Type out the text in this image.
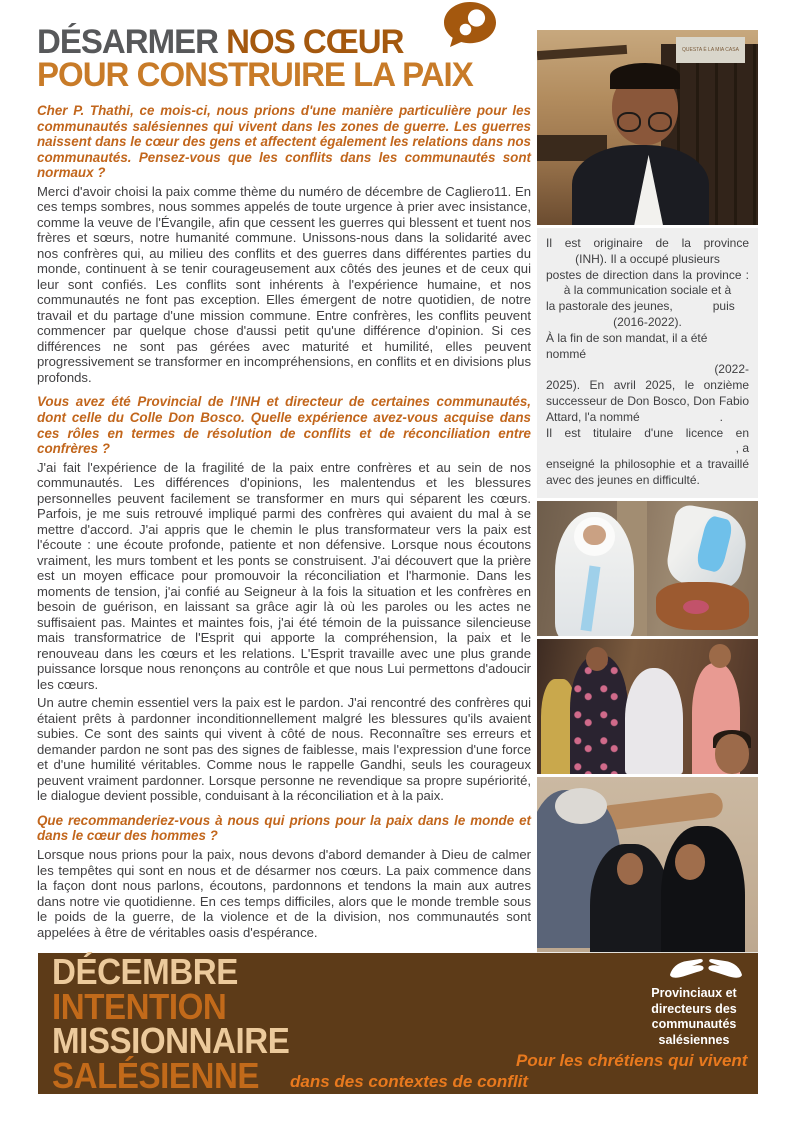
DÉSARMER NOS CŒUR
POUR CONSTRUIRE LA PAIX
Cher P. Thathi, ce mois-ci, nous prions d'une manière particulière pour les communautés salésiennes qui vivent dans les zones de guerre. Les guerres naissent dans le cœur des gens et affectent également les relations dans nos communautés. Pensez-vous que les conflits dans les communautés sont normaux ?
Merci d'avoir choisi la paix comme thème du numéro de décembre de Cagliero11. En ces temps sombres, nous sommes appelés de toute urgence à prier avec insistance, comme la veuve de l'Évangile, afin que cessent les guerres qui blessent et tuent nos frères et sœurs, notre humanité commune. Unissons-nous dans la solidarité avec nos confrères qui, au milieu des conflits et des guerres dans différentes parties du monde, continuent à se tenir courageusement aux côtés des jeunes et de ceux qui leur sont confiés. Les conflits sont inhérents à l'expérience humaine, et nos communautés ne font pas exception. Elles émergent de notre quotidien, de notre travail et du partage d'une mission commune. Entre confrères, les conflits peuvent commencer par quelque chose d'aussi petit qu'une différence d'opinion. Si ces différences ne sont pas gérées avec maturité et humilité, elles peuvent progressivement se transformer en incompréhensions, en conflits et en divisions plus profonds.
Vous avez été Provincial de l'INH et directeur de certaines communautés, dont celle du Colle Don Bosco. Quelle expérience avez-vous acquise dans ces rôles en termes de résolution de conflits et de réconciliation entre confrères ?
J'ai fait l'expérience de la fragilité de la paix entre confrères et au sein de nos communautés. Les différences d'opinions, les malentendus et les blessures personnelles peuvent facilement se transformer en murs qui séparent les cœurs. Parfois, je me suis retrouvé impliqué parmi des confrères qui avaient du mal à se mettre d'accord. J'ai appris que le chemin le plus transformateur vers la paix est l'écoute : une écoute profonde, patiente et non défensive. Lorsque nous écoutons vraiment, les murs tombent et les ponts se construisent. J'ai découvert que la prière est un moyen efficace pour promouvoir la réconciliation et l'harmonie. Dans les moments de tension, j'ai confié au Seigneur à la fois la situation et les confrères en besoin de guérison, en laissant sa grâce agir là où les paroles ou les actes ne suffisaient pas. Maintes et maintes fois, j'ai été témoin de la puissance silencieuse mais transformatrice de l'Esprit qui apporte la compréhension, la paix et le renouveau dans les cœurs et les relations. L'Esprit travaille avec une plus grande puissance lorsque nous renonçons au contrôle et que nous Lui permettons d'adoucir les cœurs.
Un autre chemin essentiel vers la paix est le pardon. J'ai rencontré des confrères qui étaient prêts à pardonner inconditionnellement malgré les blessures qu'ils avaient subies. Ce sont des saints qui vivent à côté de nous. Reconnaître ses erreurs et demander pardon ne sont pas des signes de faiblesse, mais l'expression d'une force et d'une humilité véritables. Comme nous le rappelle Gandhi, seuls les courageux peuvent vraiment pardonner. Lorsque personne ne revendique sa propre supériorité, le dialogue devient possible, conduisant à la réconciliation et à la paix.
Que recommanderiez-vous à nous qui prions pour la paix dans le monde et dans le cœur des hommes ?
Lorsque nous prions pour la paix, nous devons d'abord demander à Dieu de calmer les tempêtes qui sont en nous et de désarmer nos cœurs. La paix commence dans la façon dont nous parlons, écoutons, pardonnons et tendons la main aux autres dans notre vie quotidienne. En ces temps difficiles, alors que le monde tremble sous le poids de la guerre, de la violence et de la division, nos communautés sont appelées à être de véritables oasis d'espérance.
QUESTA È LA MIA CASA
Il est originaire de la province
(INH). Il a occupé plusieurs
postes de direction dans la province :
à la communication sociale et à
la pastorale des jeunes,            puis
(2016-2022).
À la fin de son mandat, il a été nommé
(2022-
2025). En avril 2025, le onzième
successeur de Don Bosco, Don Fabio
Attard, l'a nommé                        .
Il est titulaire d'une licence en
, a
enseigné la philosophie et a travaillé
avec des jeunes en difficulté.
DÉCEMBRE
INTENTION
MISSIONNAIRE
SALÉSIENNE
Provinciaux et directeurs des communautés salésiennes
Pour les chrétiens qui vivent
dans des contextes de conflit
